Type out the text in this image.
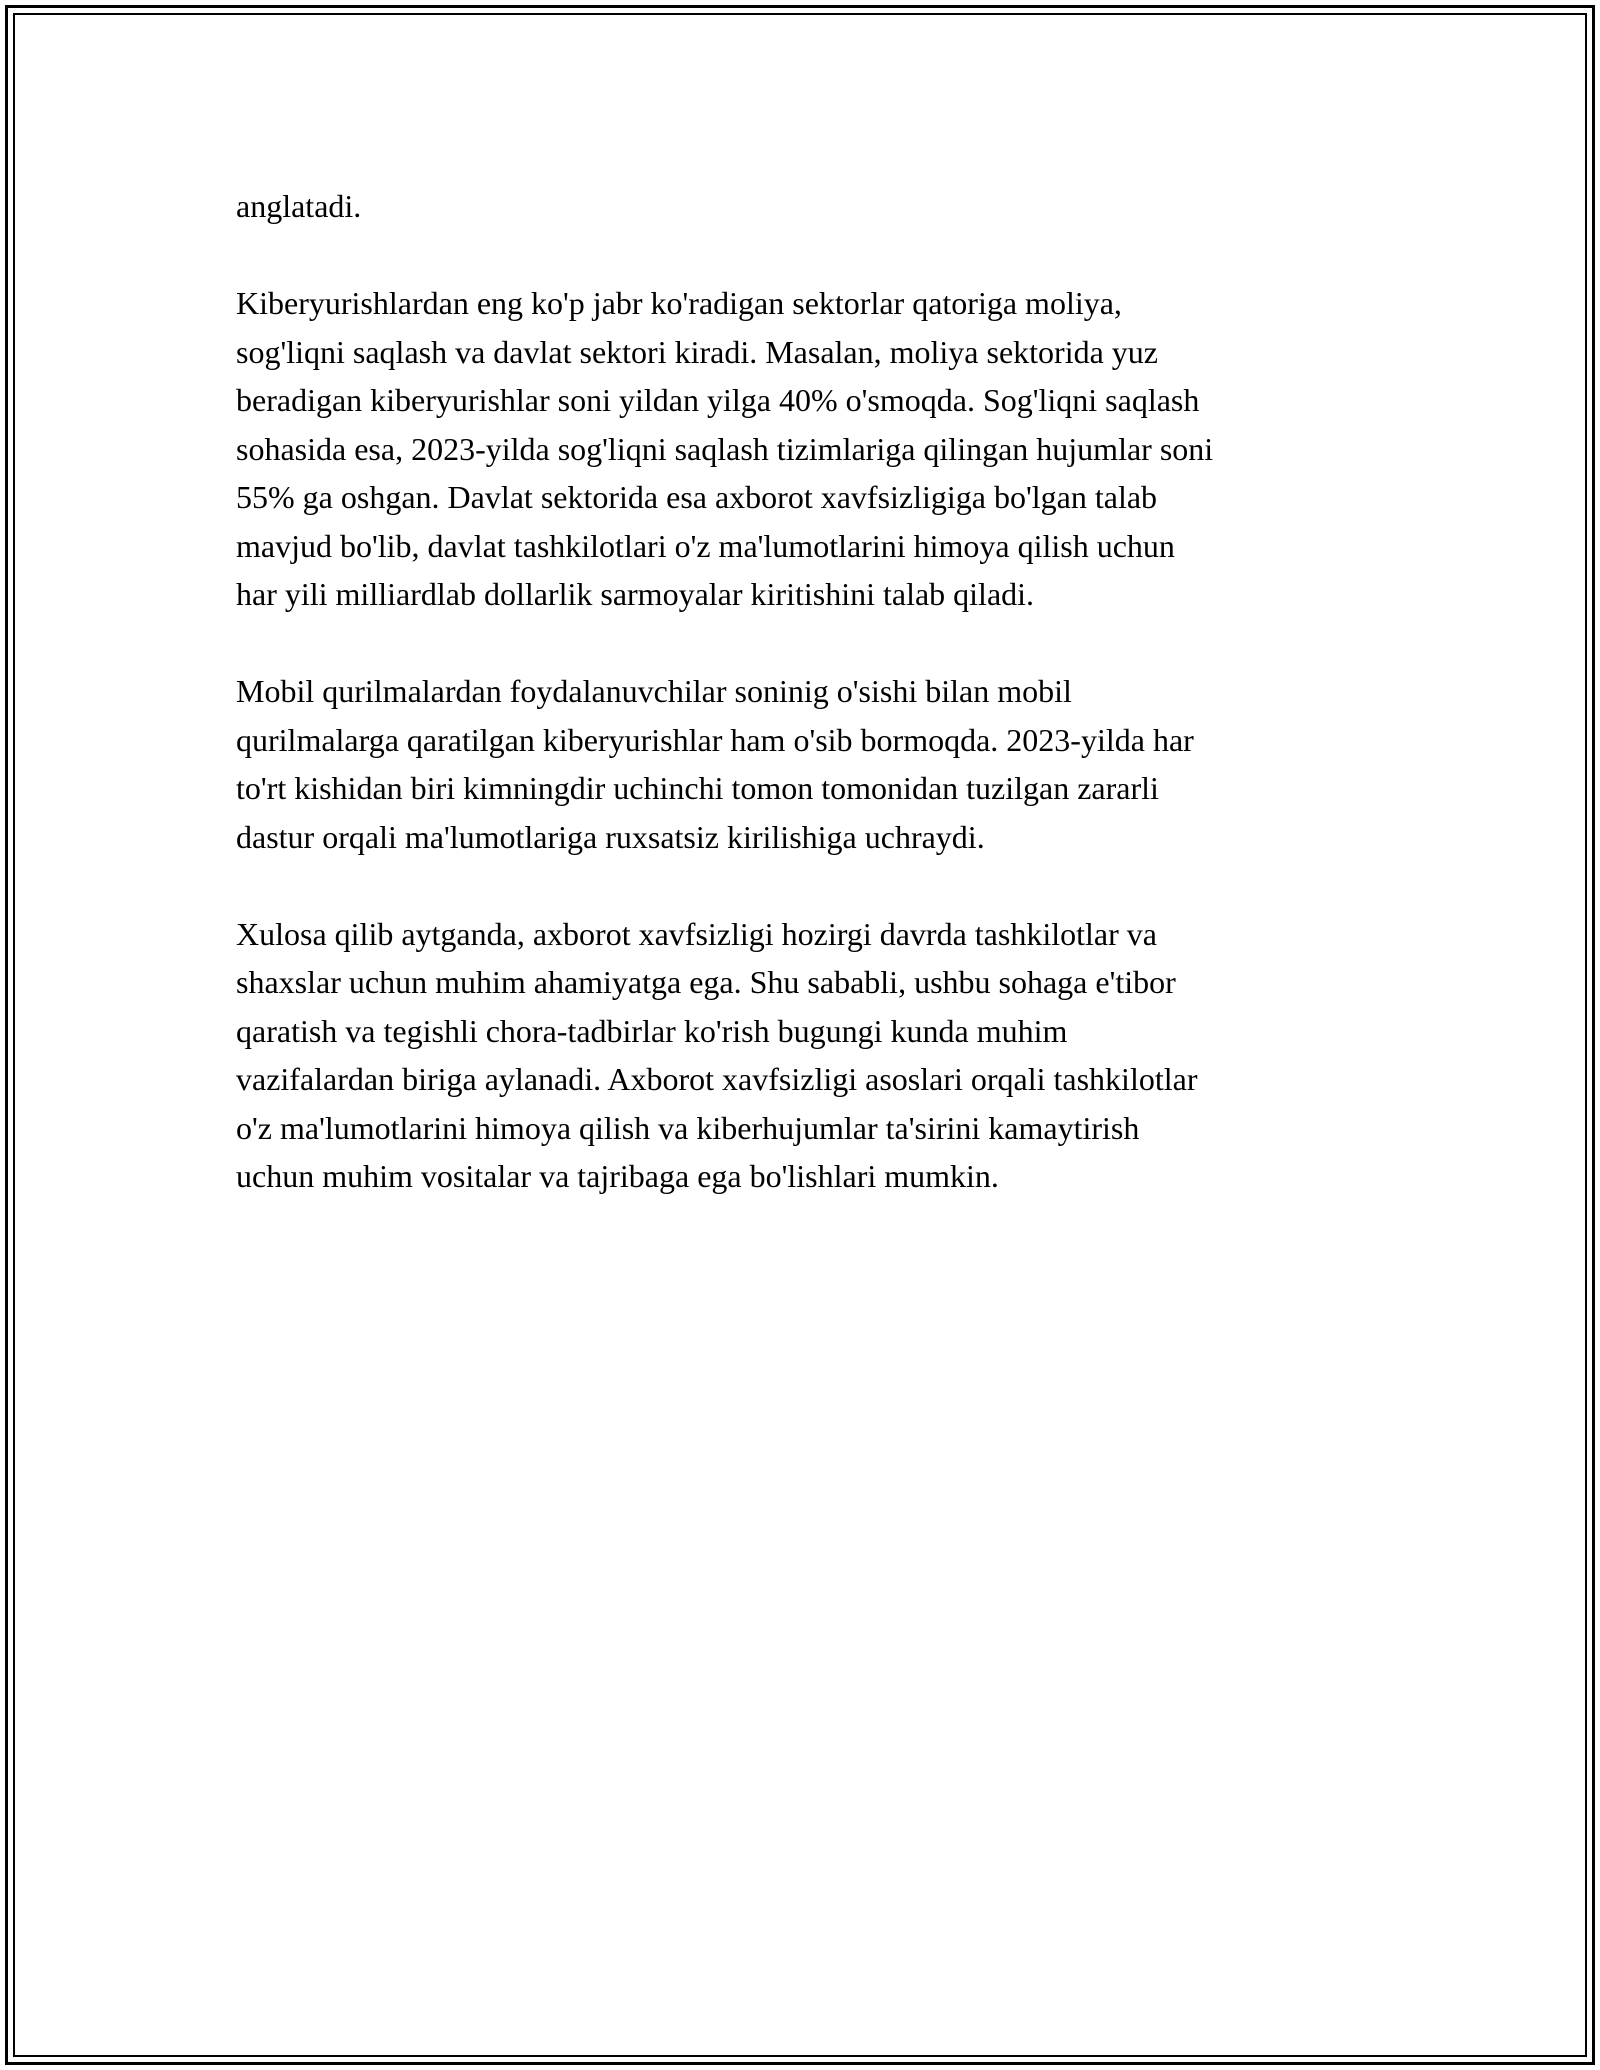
anglatadi.

Kiberyurishlardan eng ko'p jabr ko'radigan sektorlar qatoriga moliya,
sog'liqni saqlash va davlat sektori kiradi. Masalan, moliya sektorida yuz
beradigan kiberyurishlar soni yildan yilga 40% o'smoqda. Sog'liqni saqlash
sohasida esa, 2023-yilda sog'liqni saqlash tizimlariga qilingan hujumlar soni
55% ga oshgan. Davlat sektorida esa axborot xavfsizligiga bo'lgan talab
mavjud bo'lib, davlat tashkilotlari o'z ma'lumotlarini himoya qilish uchun
har yili milliardlab dollarlik sarmoyalar kiritishini talab qiladi.

Mobil qurilmalardan foydalanuvchilar soninig o'sishi bilan mobil
qurilmalarga qaratilgan kiberyurishlar ham o'sib bormoqda. 2023-yilda har
to'rt kishidan biri kimningdir uchinchi tomon tomonidan tuzilgan zararli
dastur orqali ma'lumotlariga ruxsatsiz kirilishiga uchraydi.

Xulosa qilib aytganda, axborot xavfsizligi hozirgi davrda tashkilotlar va
shaxslar uchun muhim ahamiyatga ega. Shu sababli, ushbu sohaga e'tibor
qaratish va tegishli chora-tadbirlar ko'rish bugungi kunda muhim
vazifalardan biriga aylanadi. Axborot xavfsizligi asoslari orqali tashkilotlar
o'z ma'lumotlarini himoya qilish va kiberhujumlar ta'sirini kamaytirish
uchun muhim vositalar va tajribaga ega bo'lishlari mumkin.
